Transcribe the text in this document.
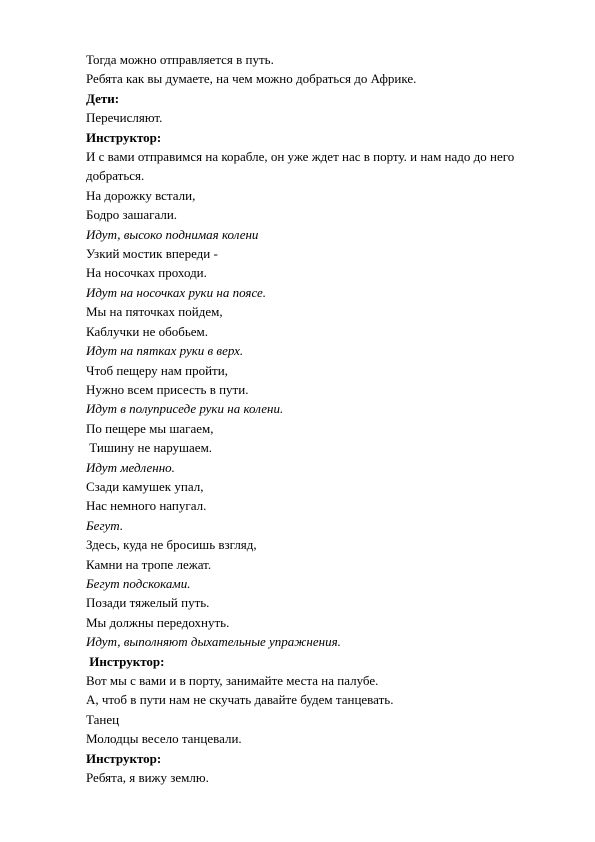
Тогда можно отправляется в путь.
Ребята как вы думаете, на чем можно добраться до Африке.
Дети:
Перечисляют.
Инструктор:
И с вами отправимся на корабле, он уже ждет нас в порту. и нам надо до него
добраться.
На дорожку встали,
Бодро зашагали.
Идут, высоко поднимая колени
Узкий мостик впереди -
На носочках проходи.
Идут на носочках руки на поясе.
Мы на пяточках пойдем,
Каблучки не обобьем.
Идут на пятках руки в верх.
Чтоб пещеру нам пройти,
Нужно всем присесть в пути.
Идут в полуприседе руки на колени.
По пещере мы шагаем,
Тишину не нарушаем.
Идут медленно.
Сзади камушек упал,
Нас немного напугал.
Бегут.
Здесь, куда не бросишь взгляд,
Камни на тропе лежат.
Бегут подскоками.
Позади тяжелый путь.
Мы должны передохнуть.
Идут, выполняют дыхательные упражнения.
Инструктор:
Вот мы с вами и в порту, занимайте места на палубе.
А, чтоб в пути нам не скучать давайте будем танцевать.
Танец
Молодцы весело танцевали.
Инструктор:
Ребята, я вижу землю.
